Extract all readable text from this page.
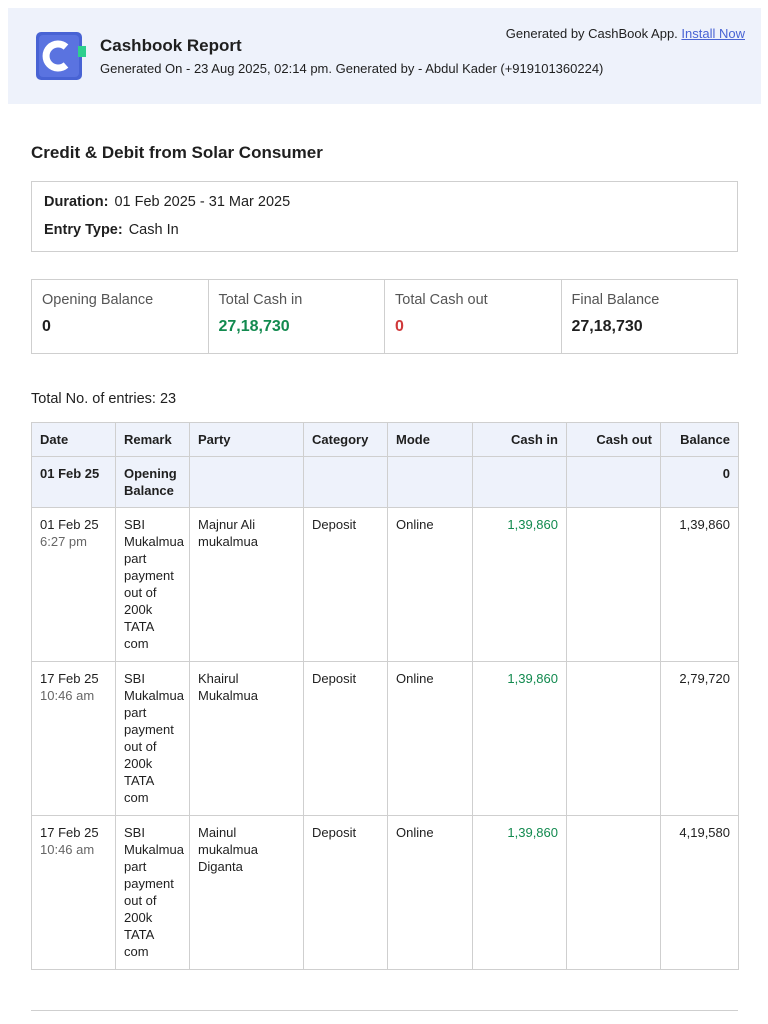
Cashbook Report
Generated On - 23 Aug 2025, 02:14 pm. Generated by - Abdul Kader (+919101360224)
Generated by CashBook App. Install Now
Credit & Debit from Solar Consumer
Duration: 01 Feb 2025 - 31 Mar 2025
Entry Type: Cash In
Opening Balance
0
Total Cash in
27,18,730
Total Cash out
0
Final Balance
27,18,730
Total No. of entries: 23
Date	Remark	Party	Category	Mode	Cash in	Cash out	Balance
01 Feb 25	Opening Balance						0

01 Feb 25
6:27 pm	SBI Mukalmua part payment out of 200k TATA com	Majnur Ali mukalmua	Deposit	Online	1,39,860		1,39,860

17 Feb 25
10:46 am	SBI Mukalmua part payment out of 200k TATA com	Khairul Mukalmua	Deposit	Online	1,39,860		2,79,720

17 Feb 25
10:46 am	SBI Mukalmua part payment out of 200k TATA com	Mainul mukalmua Diganta	Deposit	Online	1,39,860		4,19,580
